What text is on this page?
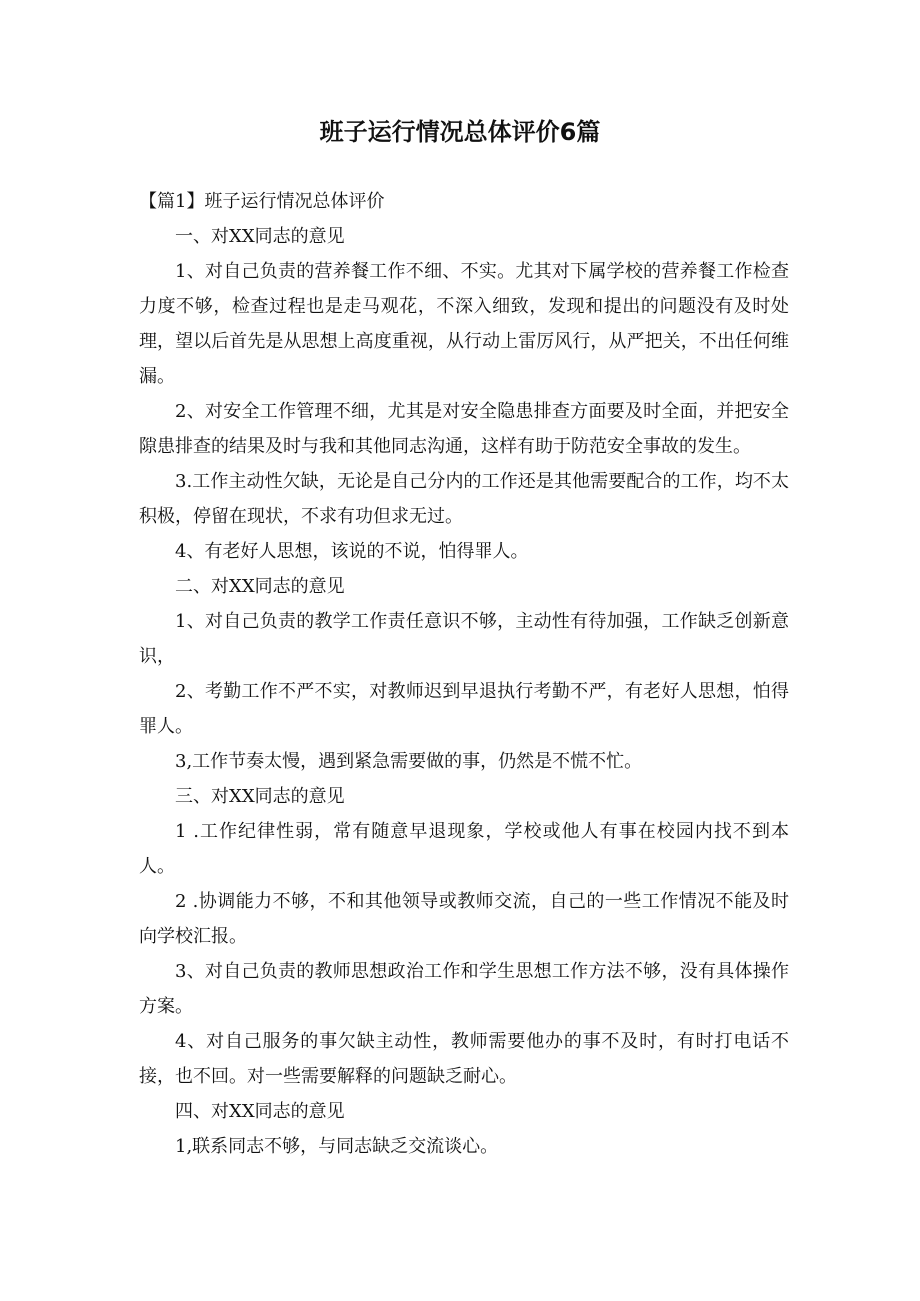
班子运行情况总体评价6篇

【篇1】班子运行情况总体评价

一、对XX同志的意见

1、对自己负责的营养餐工作不细、不实。尤其对下属学校的营养餐工作检查力度不够，检查过程也是走马观花，不深入细致，发现和提出的问题没有及时处理，望以后首先是从思想上高度重视，从行动上雷厉风行，从严把关，不出任何维漏。

2、对安全工作管理不细，尤其是对安全隐患排查方面要及时全面，并把安全隙患排查的结果及时与我和其他同志沟通，这样有助于防范安全事故的发生。

3.工作主动性欠缺，无论是自己分内的工作还是其他需要配合的工作，均不太积极，停留在现状，不求有功但求无过。

4、有老好人思想，该说的不说，怕得罪人。

二、对XX同志的意见

1、对自己负责的教学工作责任意识不够，主动性有待加强，工作缺乏创新意识，

2、考勤工作不严不实，对教师迟到早退执行考勤不严，有老好人思想，怕得罪人。

3,工作节奏太慢，遇到紧急需要做的事，仍然是不慌不忙。

三、对XX同志的意见

1 .工作纪律性弱，常有随意早退现象，学校或他人有事在校园内找不到本人。

2 .协调能力不够，不和其他领导或教师交流，自己的一些工作情况不能及时向学校汇报。

3、对自己负责的教师思想政治工作和学生思想工作方法不够，没有具体操作方案。

4、对自己服务的事欠缺主动性，教师需要他办的事不及时，有时打电话不接，也不回。对一些需要解释的问题缺乏耐心。

四、对XX同志的意见

1,联系同志不够，与同志缺乏交流谈心。
